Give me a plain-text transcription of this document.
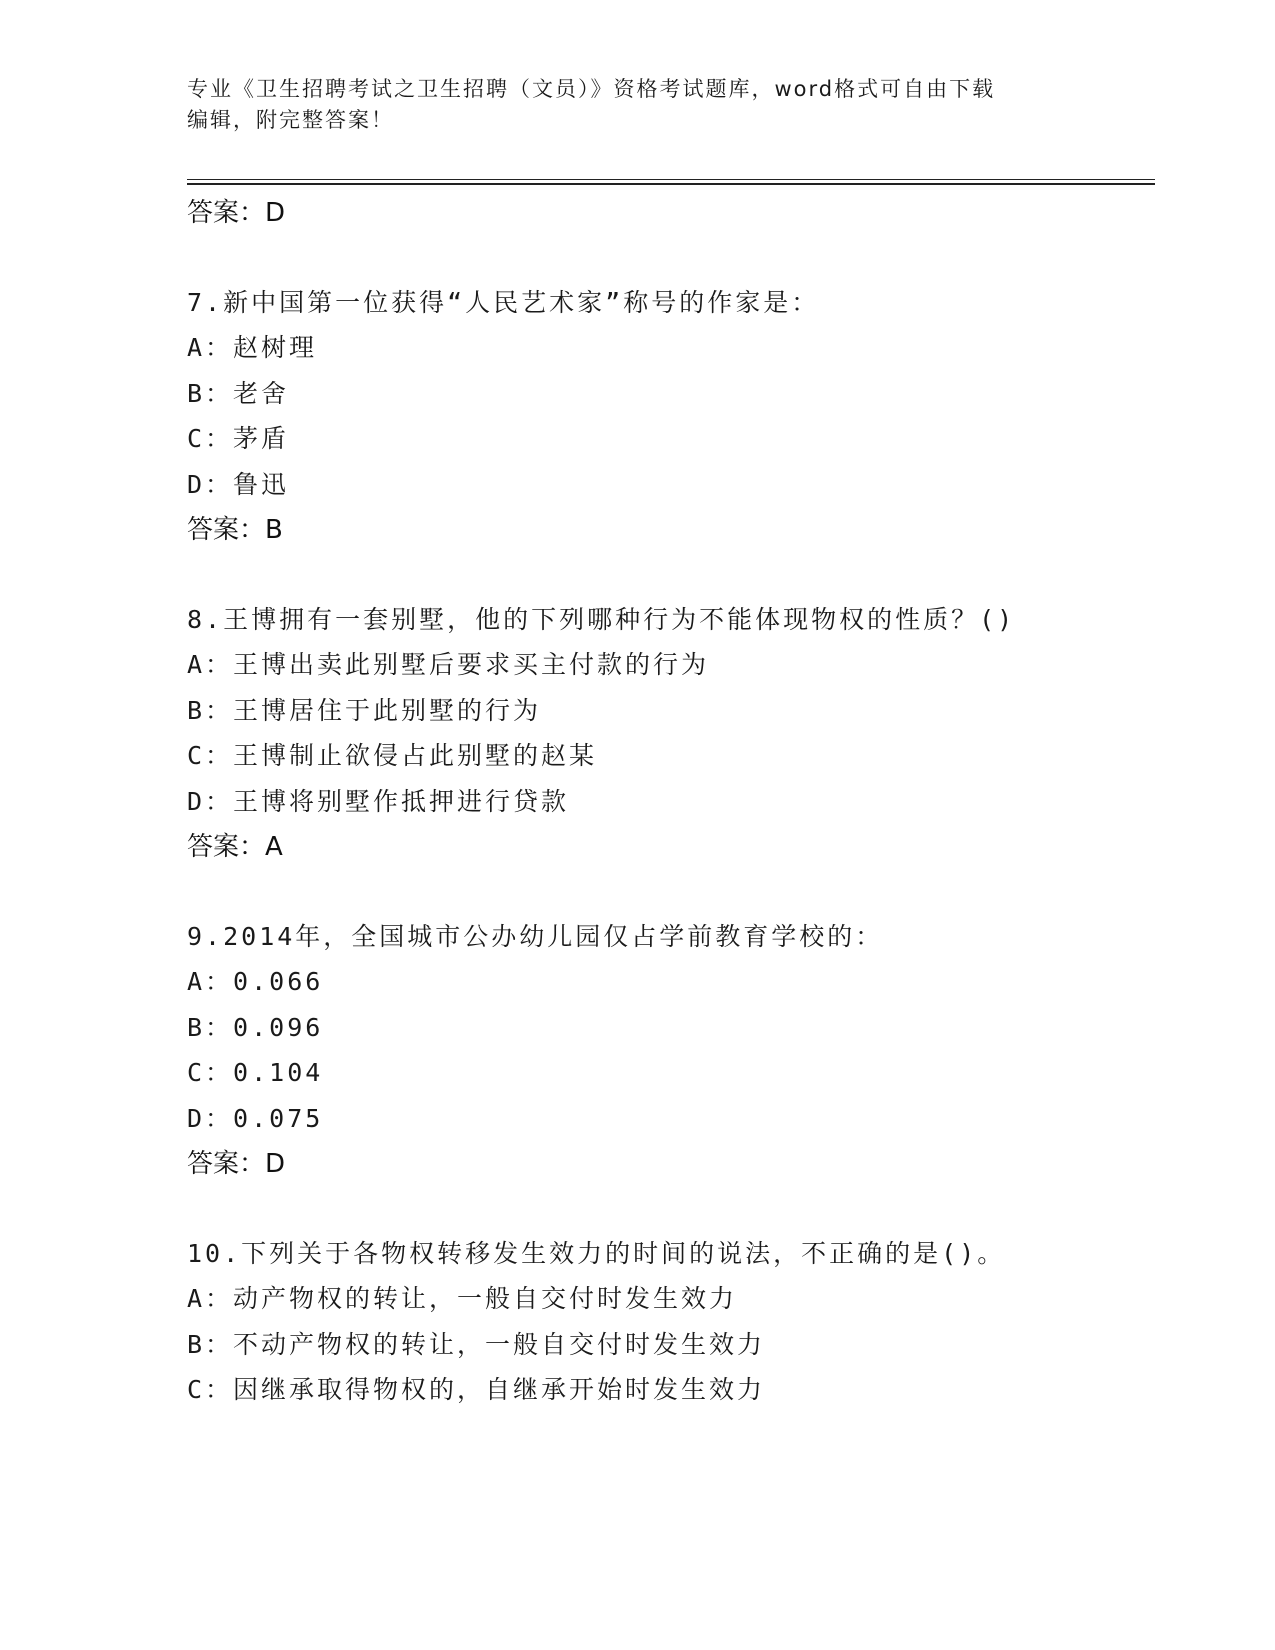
专业《卫生招聘考试之卫生招聘（文员）》资格考试题库，word格式可自由下载
编辑，附完整答案！
答案：D
7.新中国第一位获得“人民艺术家”称号的作家是：
A：赵树理
B：老舍
C：茅盾
D：鲁迅
答案：B
8.王博拥有一套别墅，他的下列哪种行为不能体现物权的性质？()
A：王博出卖此别墅后要求买主付款的行为
B：王博居住于此别墅的行为
C：王博制止欲侵占此别墅的赵某
D：王博将别墅作抵押进行贷款
答案：A
9.2014年，全国城市公办幼儿园仅占学前教育学校的：
A：0.066
B：0.096
C：0.104
D：0.075
答案：D
10.下列关于各物权转移发生效力的时间的说法，不正确的是()。
A：动产物权的转让，一般自交付时发生效力
B：不动产物权的转让，一般自交付时发生效力
C：因继承取得物权的，自继承开始时发生效力
